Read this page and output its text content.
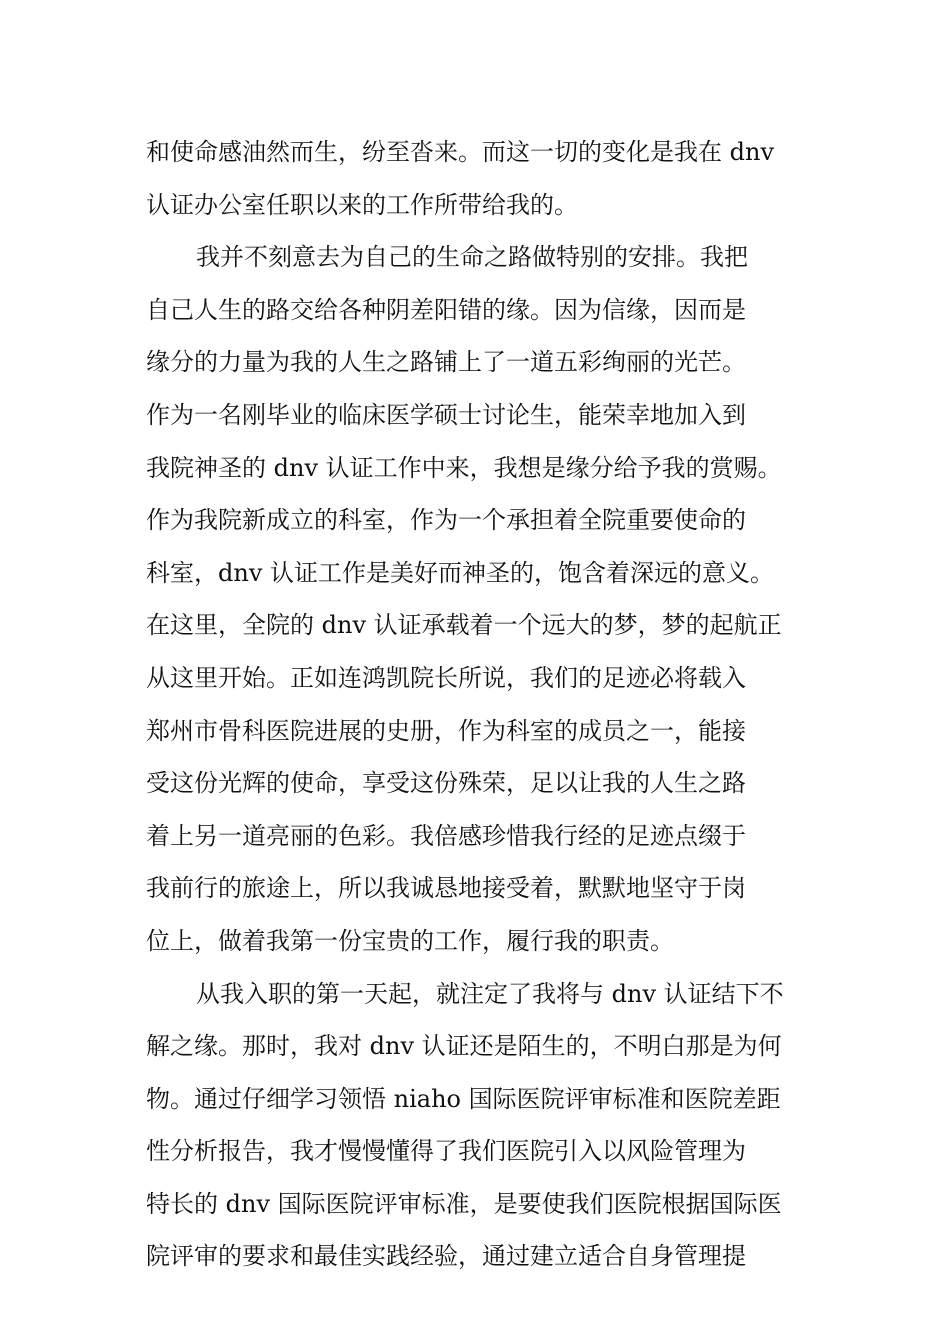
和使命感油然而生，纷至沓来。而这一切的变化是我在 dnv
认证办公室任职以来的工作所带给我的。
我并不刻意去为自己的生命之路做特别的安排。我把
自己人生的路交给各种阴差阳错的缘。因为信缘，因而是
缘分的力量为我的人生之路铺上了一道五彩绚丽的光芒。
作为一名刚毕业的临床医学硕士讨论生，能荣幸地加入到
我院神圣的 dnv 认证工作中来，我想是缘分给予我的赏赐。
作为我院新成立的科室，作为一个承担着全院重要使命的
科室，dnv 认证工作是美好而神圣的，饱含着深远的意义。
在这里，全院的 dnv 认证承载着一个远大的梦，梦的起航正
从这里开始。正如连鸿凯院长所说，我们的足迹必将载入
郑州市骨科医院进展的史册，作为科室的成员之一，能接
受这份光辉的使命，享受这份殊荣，足以让我的人生之路
着上另一道亮丽的色彩。我倍感珍惜我行经的足迹点缀于
我前行的旅途上，所以我诚恳地接受着，默默地坚守于岗
位上，做着我第一份宝贵的工作，履行我的职责。
从我入职的第一天起，就注定了我将与 dnv 认证结下不
解之缘。那时，我对 dnv 认证还是陌生的，不明白那是为何
物。通过仔细学习领悟 niaho 国际医院评审标准和医院差距
性分析报告，我才慢慢懂得了我们医院引入以风险管理为
特长的 dnv 国际医院评审标准，是要使我们医院根据国际医
院评审的要求和最佳实践经验，通过建立适合自身管理提
